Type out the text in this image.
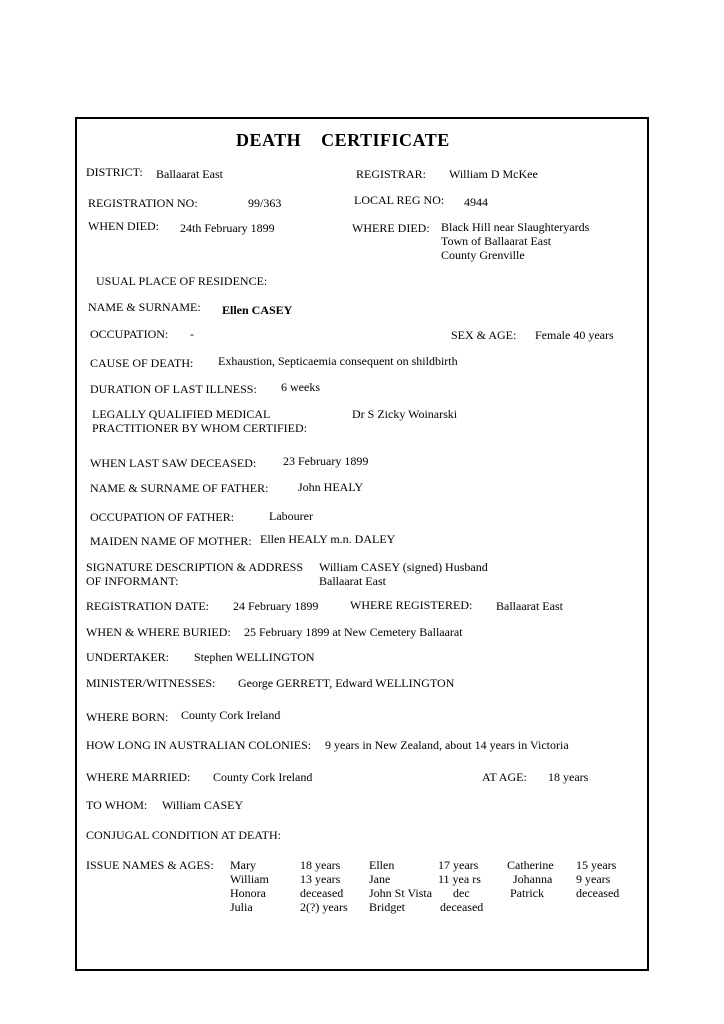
DEATH    CERTIFICATE
DISTRICT: Ballaarat East	REGISTRAR: William D McKee
REGISTRATION NO:	99/363	LOCAL REG NO: 4944
WHEN DIED: 24th February 1899	WHERE DIED: Black Hill near Slaughteryards
Town of Ballaarat East
County Grenville
USUAL PLACE OF RESIDENCE:
NAME & SURNAME: Ellen CASEY
OCCUPATION: -	SEX & AGE: Female 40 years
CAUSE OF DEATH: Exhaustion, Septicaemia consequent on shildbirth
DURATION OF LAST ILLNESS: 6 weeks
LEGALLY QUALIFIED MEDICAL
PRACTITIONER BY WHOM CERTIFIED:
Dr S Zicky Woinarski
WHEN LAST SAW DECEASED: 23 February 1899
NAME & SURNAME OF FATHER: John HEALY
OCCUPATION OF FATHER:	Labourer
MAIDEN NAME OF MOTHER: Ellen HEALY m.n. DALEY
SIGNATURE DESCRIPTION & ADDRESS
OF INFORMANT:
William CASEY (signed) Husband
Ballaarat East
REGISTRATION DATE: 24 February 1899	WHERE REGISTERED: Ballaarat East
WHEN & WHERE BURIED: 25 February 1899 at New Cemetery Ballaarat
UNDERTAKER: Stephen WELLINGTON
MINISTER/WITNESSES: George GERRETT, Edward WELLINGTON
WHERE BORN: County Cork Ireland
HOW LONG IN AUSTRALIAN COLONIES: 9 years in New Zealand, about 14 years in Victoria
WHERE MARRIED: County Cork Ireland	AT AGE: 18 years
TO WHOM: William CASEY
CONJUGAL CONDITION AT DEATH:
ISSUE NAMES & AGES: Mary	18 years Ellen	17 years Catherine 15 years
William	13 years Jane	11 yea rs	Johanna 9 years
Honora	deceased John St Vista dec	Patrick	deceased
Julia	2(?) years Bridget	deceased
